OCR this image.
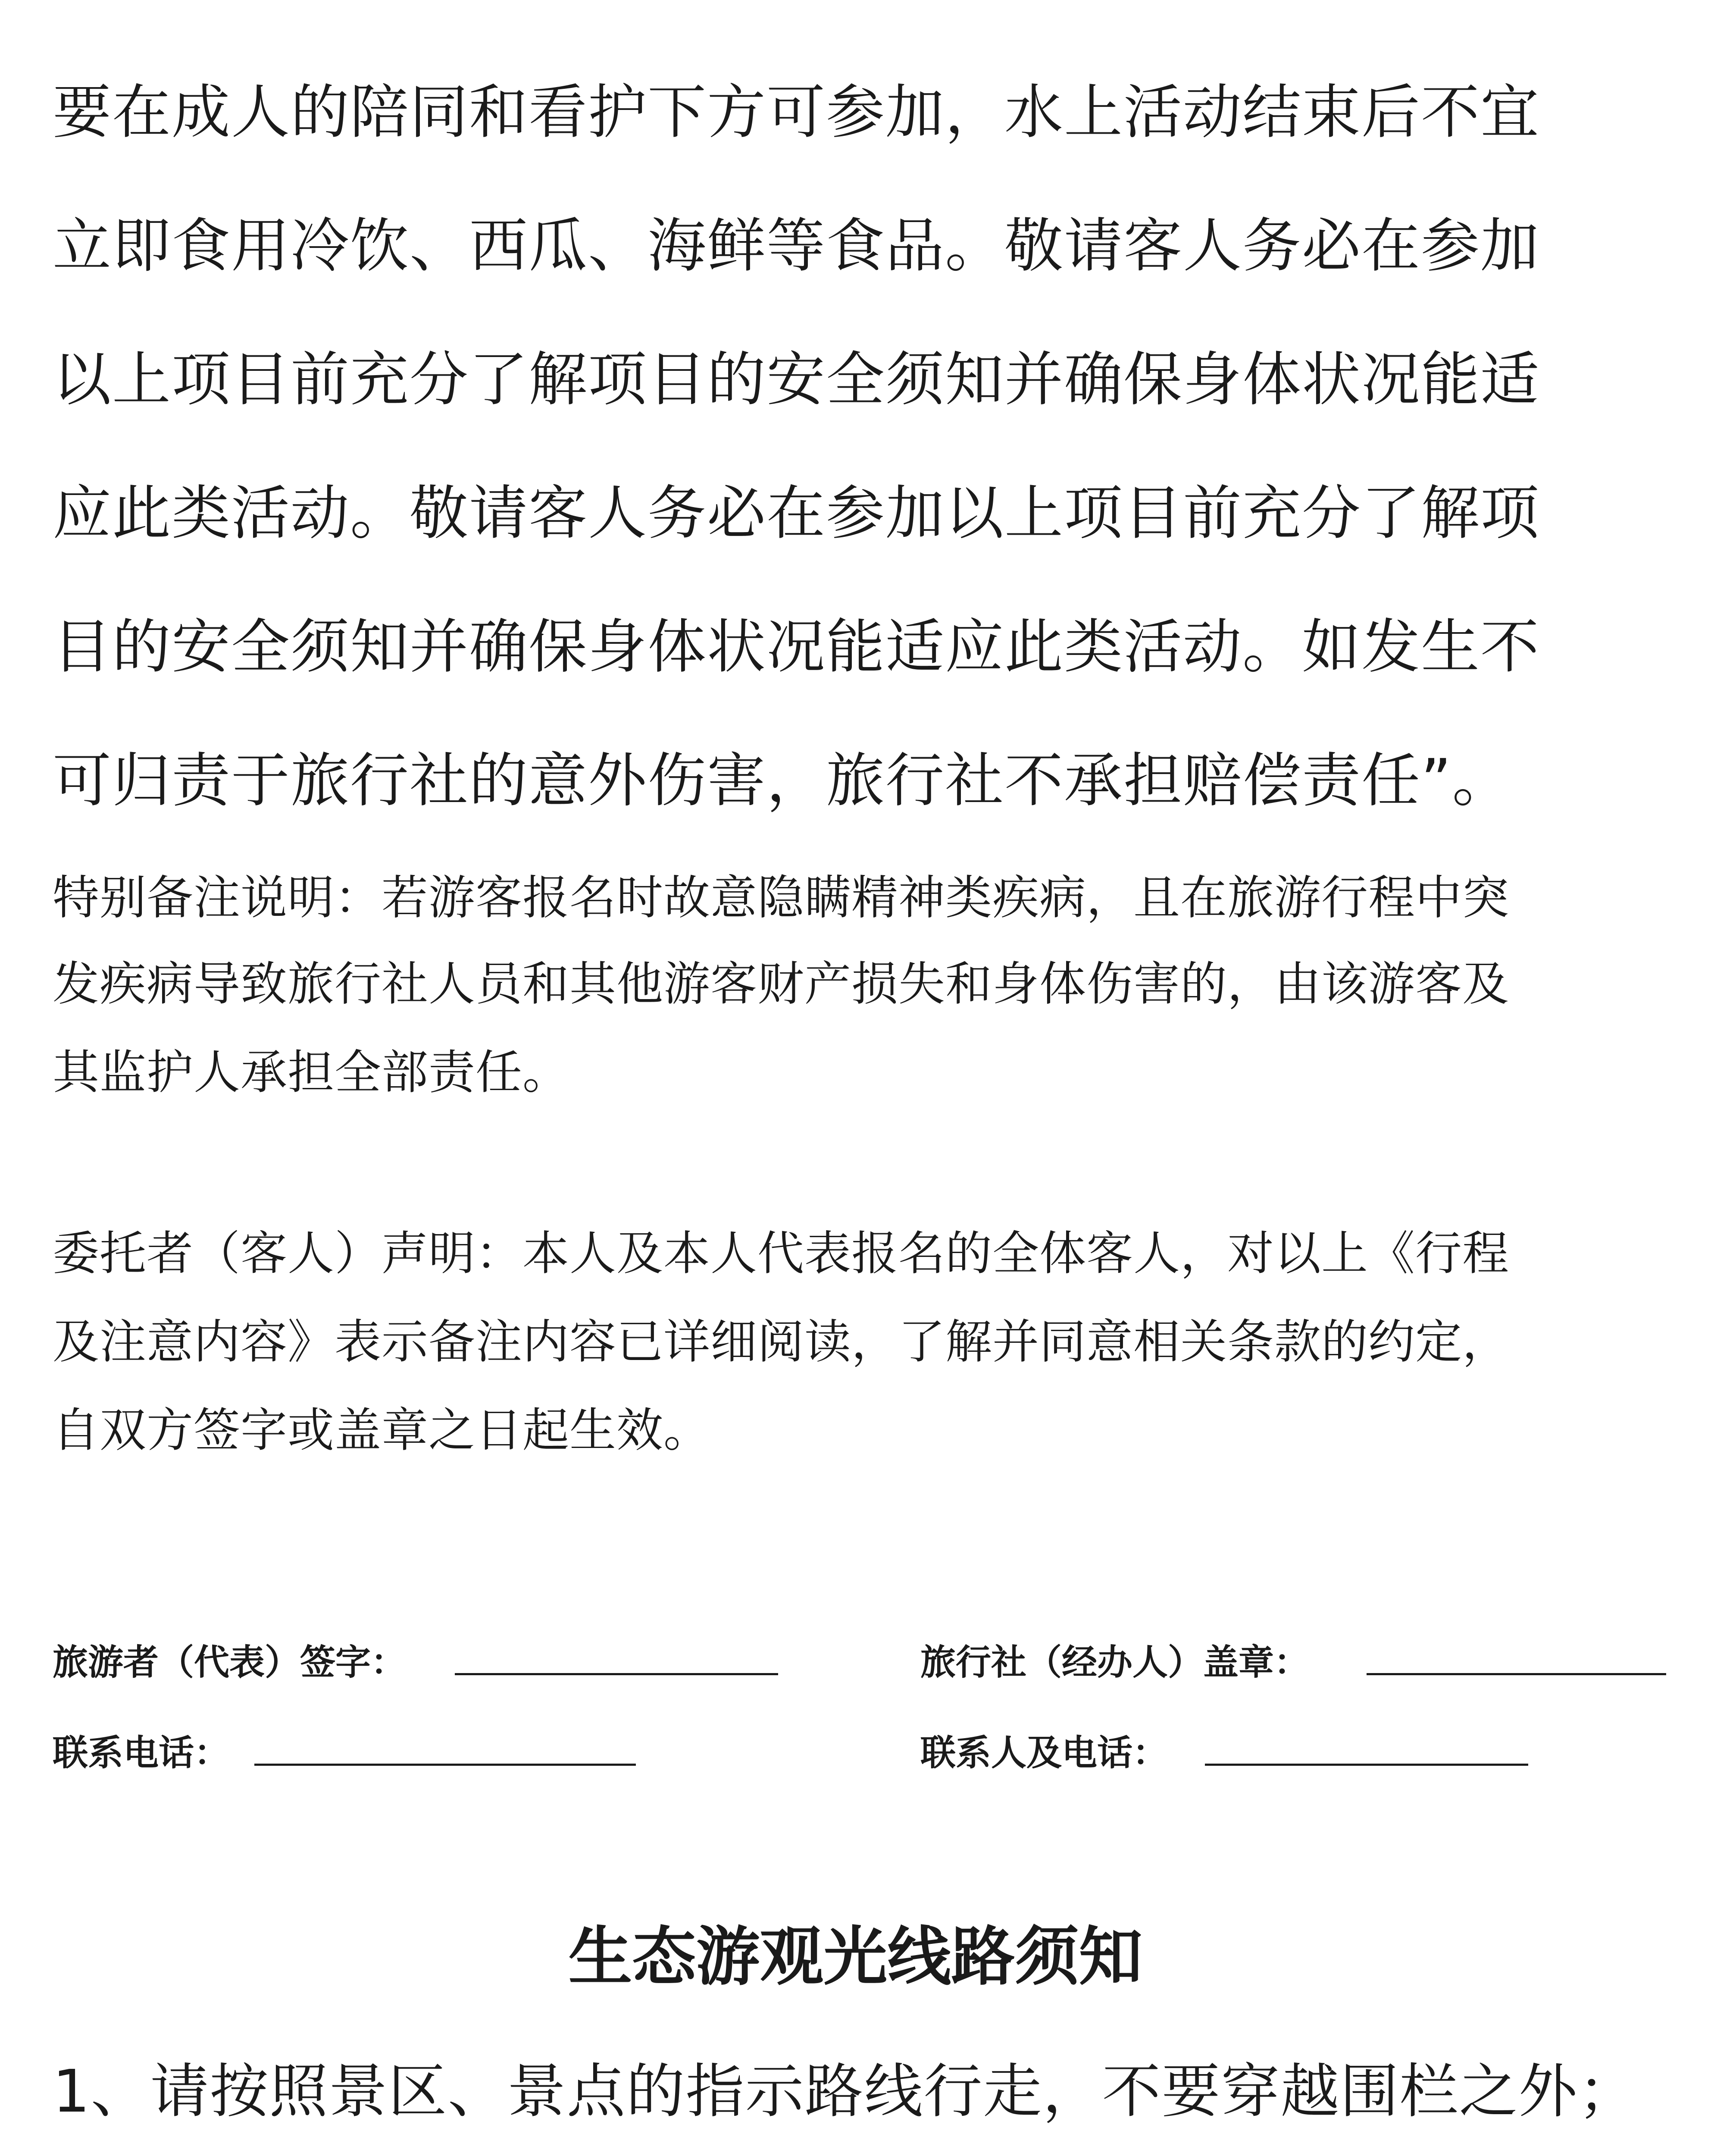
要在成人的陪同和看护下方可参加，水上活动结束后不宜

立即食用冷饮、西瓜、海鲜等食品。敬请客人务必在参加

以上项目前充分了解项目的安全须知并确保身体状况能适

应此类活动。敬请客人务必在参加以上项目前充分了解项

目的安全须知并确保身体状况能适应此类活动。如发生不

可归责于旅行社的意外伤害，旅行社不承担赔偿责任”。

特别备注说明：若游客报名时故意隐瞒精神类疾病，且在旅游行程中突

发疾病导致旅行社人员和其他游客财产损失和身体伤害的，由该游客及

其监护人承担全部责任。

委托者（客人）声明：本人及本人代表报名的全体客人，对以上《行程

及注意内容》表示备注内容已详细阅读，了解并同意相关条款的约定，

自双方签字或盖章之日起生效。

旅游者（代表）签字：	旅行社（经办人）盖章：
联系电话：	联系人及电话：
生态游观光线路须知

1、请按照景区、景点的指示路线行走，不要穿越围栏之外；
